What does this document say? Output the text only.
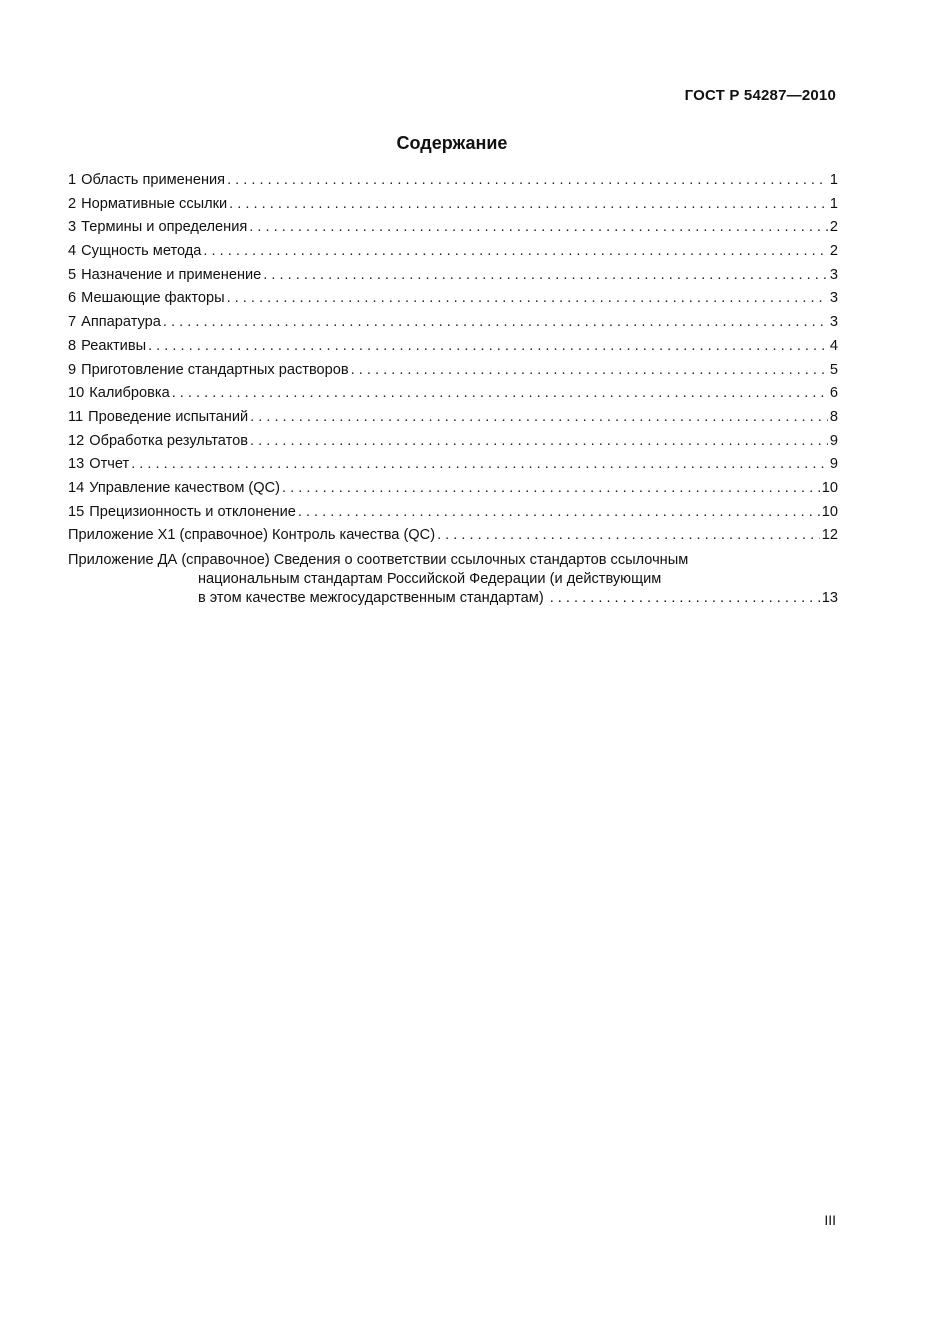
ГОСТ Р 54287—2010
Содержание
1 Область применения . . .	1
2 Нормативные ссылки . . .	1
3 Термины и определения . . .	2
4 Сущность метода . . .	2
5 Назначение и применение . . .	3
6 Мешающие факторы . . .	3
7 Аппаратура . . .	3
8 Реактивы . . .	4
9 Приготовление стандартных растворов . . .	5
10 Калибровка . . .	6
11 Проведение испытаний . . .	8
12 Обработка результатов . . .	9
13 Отчет . . .	9
14 Управление качеством (QC) . . .	10
15 Прецизионность и отклонение . . .	10
Приложение Х1 (справочное) Контроль качества (QC) . . .	12
Приложение ДА (справочное) Сведения о соответствии ссылочных стандартов ссылочным
национальным стандартам Российской Федерации (и действующим
в этом качестве межгосударственным стандартам) . . .	13
III
